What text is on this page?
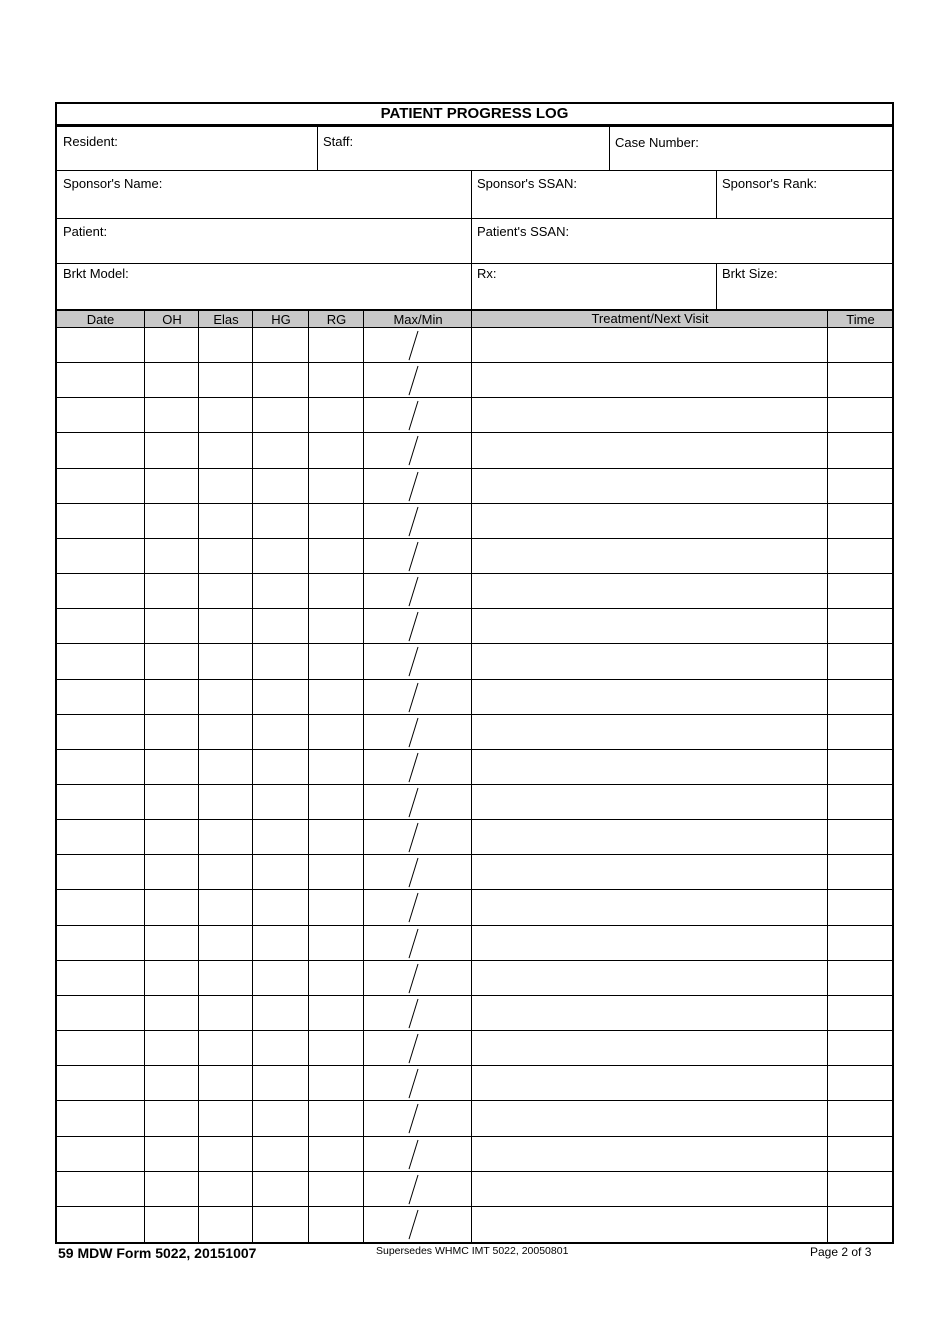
PATIENT PROGRESS LOG
Resident:	Staff:	Case Number:
Sponsor's Name:	Sponsor's SSAN:	Sponsor's Rank:
Patient:	Patient's SSAN:
Brkt Model:	Rx:	Brkt Size:
Date	OH	Elas	HG	RG	Max/Min	Treatment/Next Visit	Time
59 MDW Form 5022, 20151007	Supersedes WHMC IMT 5022, 20050801	Page 2 of 3
